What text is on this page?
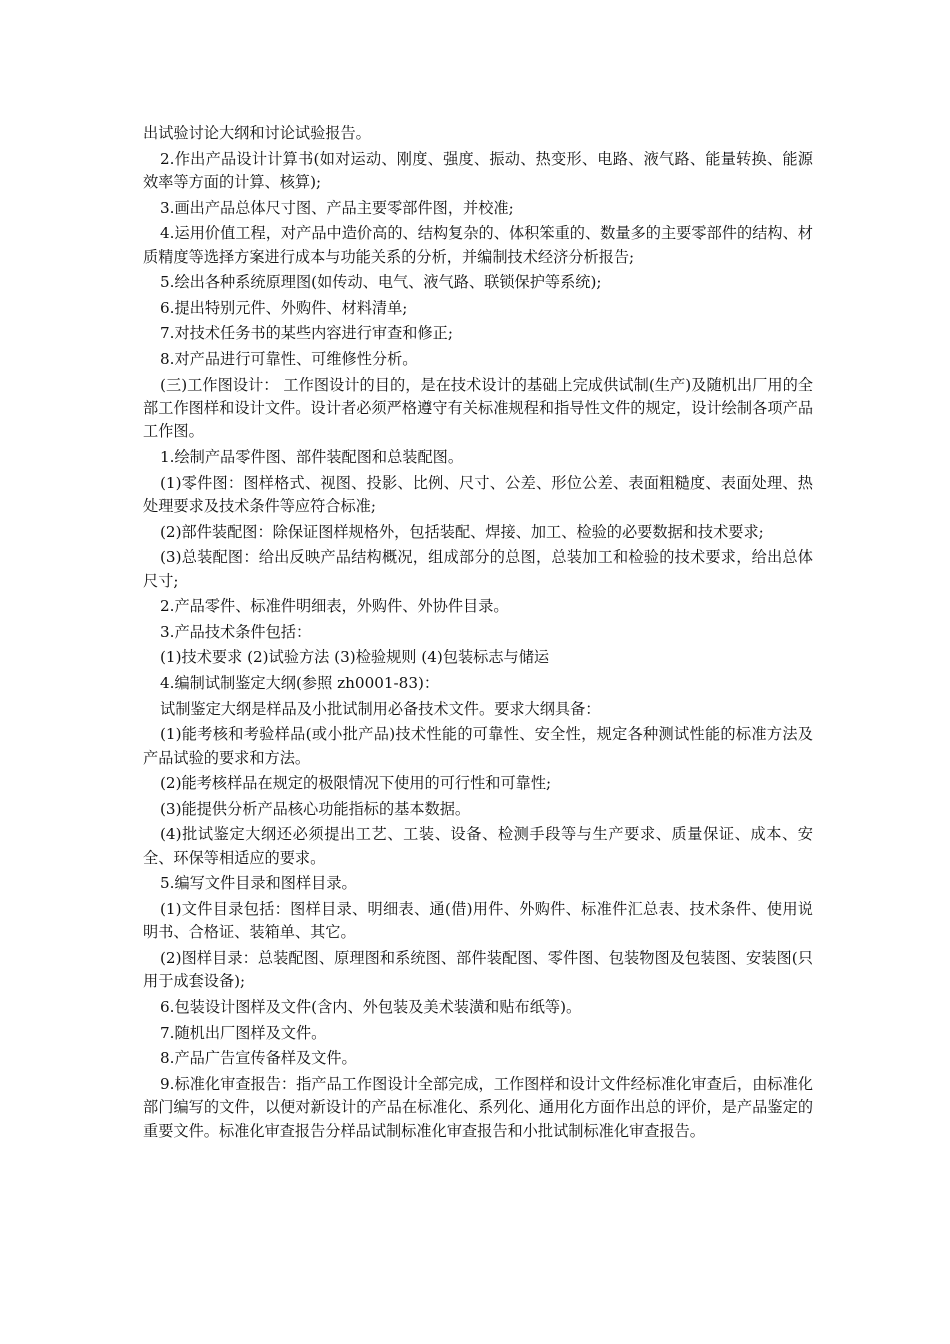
出试验讨论大纲和讨论试验报告。

2.作出产品设计计算书(如对运动、刚度、强度、振动、热变形、电路、液气路、能量转换、能源效率等方面的计算、核算);

3.画出产品总体尺寸图、产品主要零部件图，并校准;

4.运用价值工程，对产品中造价高的、结构复杂的、体积笨重的、数量多的主要零部件的结构、材质精度等选择方案进行成本与功能关系的分析，并编制技术经济分析报告;

5.绘出各种系统原理图(如传动、电气、液气路、联锁保护等系统);

6.提出特别元件、外购件、材料清单;

7.对技术任务书的某些内容进行审查和修正;

8.对产品进行可靠性、可维修性分析。

(三)工作图设计： 工作图设计的目的，是在技术设计的基础上完成供试制(生产)及随机出厂用的全部工作图样和设计文件。设计者必须严格遵守有关标准规程和指导性文件的规定，设计绘制各项产品工作图。

1.绘制产品零件图、部件装配图和总装配图。

(1)零件图：图样格式、视图、投影、比例、尺寸、公差、形位公差、表面粗糙度、表面处理、热处理要求及技术条件等应符合标准;

(2)部件装配图：除保证图样规格外，包括装配、焊接、加工、检验的必要数据和技术要求;

(3)总装配图：给出反映产品结构概况，组成部分的总图，总装加工和检验的技术要求，给出总体尺寸;

2.产品零件、标准件明细表，外购件、外协件目录。

3.产品技术条件包括：

(1)技术要求 (2)试验方法 (3)检验规则 (4)包装标志与储运

4.编制试制鉴定大纲(参照 zh0001-83)：

试制鉴定大纲是样品及小批试制用必备技术文件。要求大纲具备：

(1)能考核和考验样品(或小批产品)技术性能的可靠性、安全性，规定各种测试性能的标准方法及产品试验的要求和方法。

(2)能考核样品在规定的极限情况下使用的可行性和可靠性;

(3)能提供分析产品核心功能指标的基本数据。

(4)批试鉴定大纲还必须提出工艺、工装、设备、检测手段等与生产要求、质量保证、成本、安全、环保等相适应的要求。

5.编写文件目录和图样目录。

(1)文件目录包括：图样目录、明细表、通(借)用件、外购件、标准件汇总表、技术条件、使用说明书、合格证、装箱单、其它。

(2)图样目录：总装配图、原理图和系统图、部件装配图、零件图、包装物图及包装图、安装图(只用于成套设备);

6.包装设计图样及文件(含内、外包装及美术装潢和贴布纸等)。

7.随机出厂图样及文件。

8.产品广告宣传备样及文件。

9.标准化审查报告：指产品工作图设计全部完成，工作图样和设计文件经标准化审查后，由标准化部门编写的文件，以便对新设计的产品在标准化、系列化、通用化方面作出总的评价，是产品鉴定的重要文件。标准化审查报告分样品试制标准化审查报告和小批试制标准化审查报告。
